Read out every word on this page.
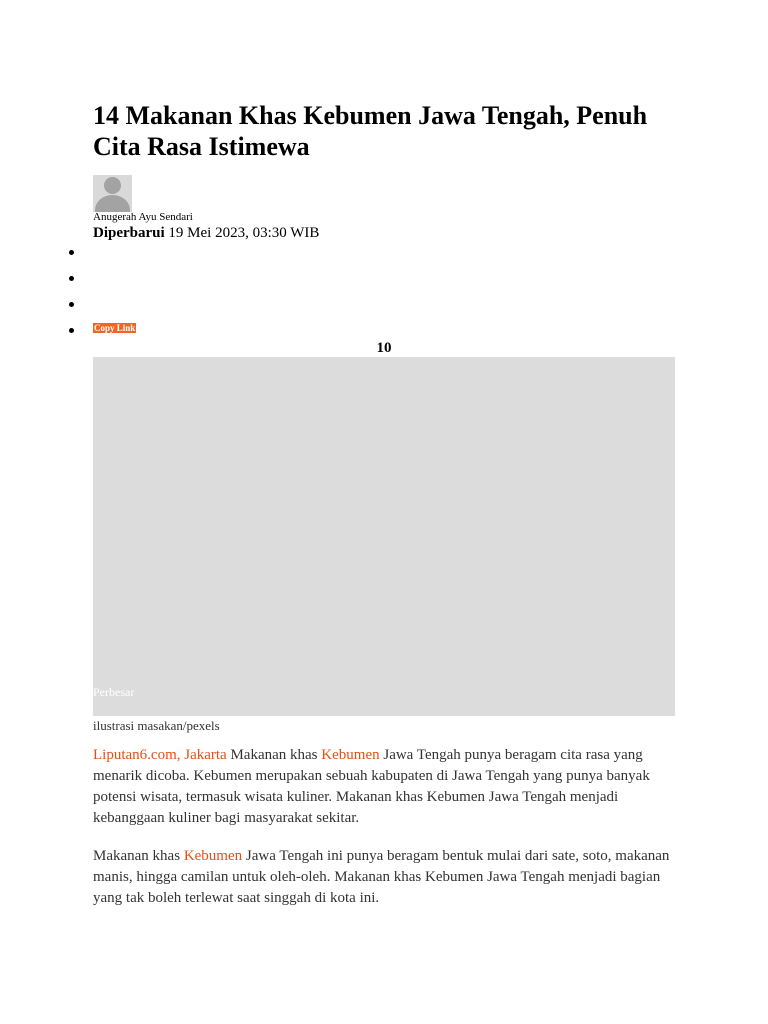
14 Makanan Khas Kebumen Jawa Tengah, Penuh Cita Rasa Istimewa
Anugerah Ayu Sendari
Diperbarui 19 Mei 2023, 03:30 WIB
Copy Link
10
Perbesar
ilustrasi masakan/pexels

Liputan6.com, Jakarta Makanan khas Kebumen Jawa Tengah punya beragam cita rasa yang menarik dicoba. Kebumen merupakan sebuah kabupaten di Jawa Tengah yang punya banyak potensi wisata, termasuk wisata kuliner. Makanan khas Kebumen Jawa Tengah menjadi kebanggaan kuliner bagi masyarakat sekitar.

Makanan khas Kebumen Jawa Tengah ini punya beragam bentuk mulai dari sate, soto, makanan manis, hingga camilan untuk oleh-oleh. Makanan khas Kebumen Jawa Tengah menjadi bagian yang tak boleh terlewat saat singgah di kota ini.
